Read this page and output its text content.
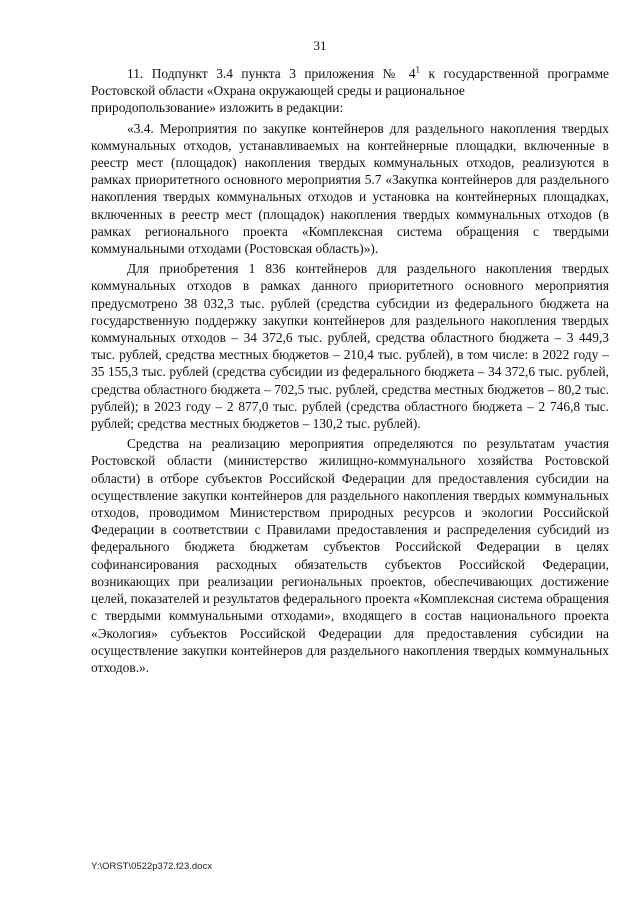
31

11. Подпункт 3.4 пункта 3 приложения № $4^1$ к государственной программе Ростовской области «Охрана окружающей среды и рациональное

природопользование» изложить в редакции:

«3.4. Мероприятия по закупке контейнеров для раздельного накопления твердых коммунальных отходов, устанавливаемых на контейнерные площадки, включенные в реестр мест (площадок) накопления твердых коммунальных отходов, реализуются в рамках приоритетного основного мероприятия 5.7 «Закупка контейнеров для раздельного накопления твердых коммунальных отходов и установка на контейнерных площадках, включенных в реестр мест (площадок) накопления твердых коммунальных отходов (в рамках регионального проекта «Комплексная система обращения с твердыми коммунальными отходами (Ростовская область)»).

Для приобретения 1 836 контейнеров для раздельного накопления твердых коммунальных отходов в рамках данного приоритетного основного мероприятия предусмотрено 38 032,3 тыс. рублей (средства субсидии из федерального бюджета на государственную поддержку закупки контейнеров для раздельного накопления твердых коммунальных отходов – 34 372,6 тыс. рублей, средства областного бюджета – 3 449,3 тыс. рублей, средства местных бюджетов – 210,4 тыс. рублей), в том числе: в 2022 году – 35 155,3 тыс. рублей (средства субсидии из федерального бюджета – 34 372,6 тыс. рублей, средства областного бюджета – 702,5 тыс. рублей, средства местных бюджетов – 80,2 тыс. рублей); в 2023 году – 2 877,0 тыс. рублей (средства областного бюджета – 2 746,8 тыс. рублей; средства местных бюджетов – 130,2 тыс. рублей).

Средства на реализацию мероприятия определяются по результатам участия Ростовской области (министерство жилищно-коммунального хозяйства Ростовской области) в отборе субъектов Российской Федерации для предоставления субсидии на осуществление закупки контейнеров для раздельного накопления твердых коммунальных отходов, проводимом Министерством природных ресурсов и экологии Российской Федерации в соответствии с Правилами предоставления и распределения субсидий из федерального бюджета бюджетам субъектов Российской Федерации в целях софинансирования расходных обязательств субъектов Российской Федерации, возникающих при реализации региональных проектов, обеспечивающих достижение целей, показателей и результатов федерального проекта «Комплексная система обращения с твердыми коммунальными отходами», входящего в состав национального проекта «Экология» субъектов Российской Федерации для предоставления субсидии на осуществление закупки контейнеров для раздельного накопления твердых коммунальных отходов.».

Y:\ORST\0522p372.f23.docx
